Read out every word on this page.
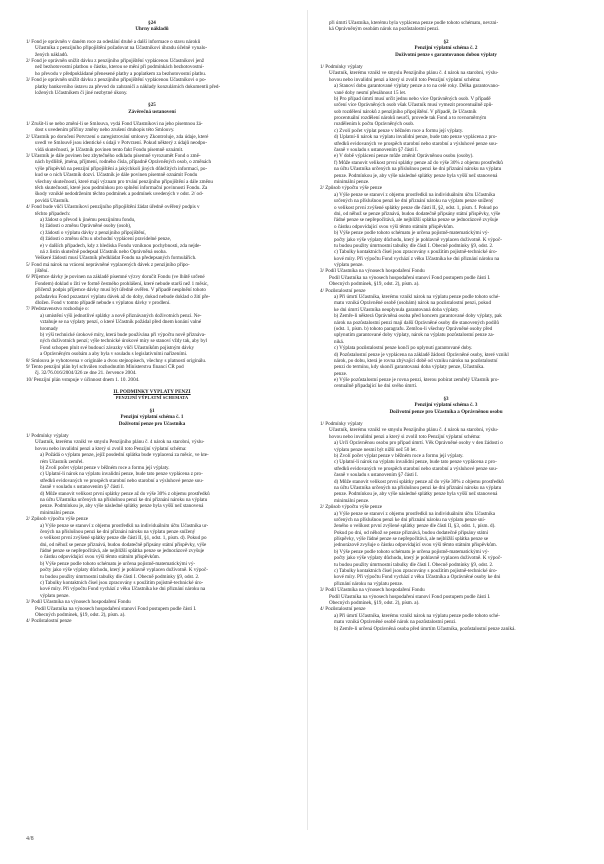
§24
Úhrny nákladů
1/ Fond je oprávněn v daném roce za odeslání druhé a další informace o stavu nároků
Účastníka z penzijního připojištění požadovat na Účastníkovi úhradu účelně vynalo-
žených nákladů.
2/ Fond je oprávněn snížit dávku z penzijního připojištění vyplácenou Účastníkovi jenž
než bezhotovostní platbou o částku, kterou se mění při podmínkách bezhotovostní-
ho převodu v předpokládané přenesené platby a poplatkem za bezhotovostní platbu.
3/ Fond je oprávněn snížit dávku z penzijního připojištění vyplácenou Účastníkovi o po-
platky bankovního ústavu za převod do zahraničí a náklady konzulárních dokumentů před-
ložených Účastníkem či jiné nezbytné úkony.
§25
Závěrečná ustanovení
1/ Zrušit-li se nebo změní-li se Smlouva, vydá Fond Účastníkovi na jeho písemnou žá-
dost s uvedením příčiny změny nebo zrušení druhopis této Smlouvy.
2/ Účastník po doručení Potvrzení o zaregistrování smlouvy Zkontroluje, zda údaje, které
uvedl ve Smlouvě jsou identické s údaji v Potvrzení. Pokud některý z údajů neodpo-
vídá skutečnosti, je Účastník povinen tento fakt Fondu písemně oznámit.
3/ Účastník je dále povinen bez zbytečného odkladu písemně vyrozumět Fond o změ-
nách bydliště, jména, příjmení, rodného čísla, případně Oprávněných osob, o změnách
výše příspěvků na penzijní připojištění a jakýchkoli jiných důležitých informací, po-
kud se o nich Účastník dozví. Účastník je dále povinen písemně oznámit Fondu
všechny skutečnosti, které mají význam pro trvání penzijního připojištění a dále změnu
těch skutečností, které jsou podmínkou pro splnění informační povinnosti Fondu. Za
škody vzniklé nedodržením těchto podmínek a podmínek uvedených v odst. 2/ od-
povídá Účastník.
4/ Fond bude vůči Účastníkovi penzijního připojištění žádat úředně ověřený podpis v
těchto případech:
a) žádost o převod k jinému penzijnímu fondu,
b) žádosti o změnu Oprávněné osoby (osob),
c) žádosti o výplatu dávky z penzijního připojištění,
d) žádosti o změnu účtu u obchodní vyplácení pravidelné penze,
e) v dalších případech, kdy z hlediska Fondu vzniknou pochybnosti, zda nejde-
ná z listin skutečně podepsal Účastník nebo Oprávněná osoba.
Veškeré žádosti musí Účastník předkládat Fondu na předepsaných formulářích.
5/ Fond má nárok na vrácení neprávněné vyplacených dávek z penzijního připo-
jištění.
6/ Příjemce dávky je povinen na základě písemné výzvy doručit Fondu (ve lhůtě určené
Fondem) doklad o žití ve formě čestného prohlášení, které nebude starší než 1 měsíc,
přičemž podpis příjemce dávky musí být úředně ověřen. V případě nesplnění tohoto
požadavku Fond pozastaví výplatu dávek až do doby, dokud nebude doklad o žití pře-
dložen. Fond v tomto případě nebude s výplatou dávky v prodlení.
7/ Představenstvo rozhoduje o:
a) umístění výši jednotlivé splátky a nově přiznávaných doživotních penzí. Ne-
vztahuje se na výplaty penzí, o které Účastník požádal před dnem konání valné
hromady
b) výši technické úrokové míry, která bude používána při výpočtu nově přiznáva-
ných doživotních penzí; výše technické úrokové míry se stanoví vždy tak, aby byl
Fond schopen plnit své budoucí závazky vůči Účastníkům pojistným dávky
a Oprávněným osobám a aby byla v souladu s legislativními nařízeními.
8/ Smlouva je vyhotovena v originále a dvou stejnopisech, všechny s platností originálu.
9/ Tento penzijní plán byl schválen rozhodnutím Ministerstva financí ČR pod
čj. 32/76.016/2004/326 ze dne 21. července 2004.
10/ Penzijní plán vstupuje v účinnost dnem 1. 10. 2004.
II. PODMÍNKY VÝPLATY PENZÍ
PENZIJNÍ VÝPLATNÍ SCHEMATA
§1
Penzijní výplatní schéma č. 1
Doživotní penze pro Účastníka
1/ Podmínky výplaty
Účastník, kterému vznikl ve smyslu Penzijního plánu č. 4 nárok na starobní, výslu-
hovou nebo invalidní penzi a který si zvolil toto Penzijní výplatní schéma:
a) Požádá o výplatu penze, jejíž posdední splátka bude vyplacená za měsíc, ve kte-
rém Účastník zemřel.
b) Zvolí počet výplat penze v běžném roce a formu její výplaty.
c) Uplatní-li nárok na výplatu invalidní penze, bude tato penze vyplácena z pro-
středků evidovaných ve prospěch starobní nebo starobní a výsluhové penze sou-
časně v souladu s ustanovením §7 části I.
d) Může stanovit velikost první splátky penze až do výše 30% z objemu prostředků
na účtu Účastníka určených na příslušnou penzi ke dni přiznání nároku na výplatu
penze. Podmínkou je, aby výše následné splátky penze byla vyšší než stanovená
minimální penze.
2/ Způsob výpočtu výše penze
a) Výše penze se stanoví z objemu prostředků na individuálním účtu Účastníka ur-
čených na příslušnou penzi ke dni přiznání nároku na výplatu penze snížený
o velikost první zvýšené splátky penze dle části II, §1, odst. 1, písm. d). Pokud po
dni, od něhož se penze přiznává, budou dodatečně připsány státní příspěvky, výše
řádné penze se nepřepočítává, ale nejbližší splátka penze se jednorázově zvyšuje
o částku odpovídající svou výší těmto státním příspěvkům.
b) Výše penze podle tohoto schématu je určena pojistně-matematickými vý-
počty jako výše výplaty důchodu, který je pohlavně vyplacen doživotně. K výpoč-
tu budou použity úmrtnostní tabulky dle části I. Obecně podmínky §9, odst. 2.
c) Tabulky kontaktních čísel jsou zpracovány s použitím pojistně-technické úro-
kové míry. Při výpočtu Fond vychází z věku Účastníka ke dni přiznání nároku na
výplatu penze.
3/ Podíl Účastníka na výnosech hospodaření Fondu
Podíl Účastníka na výnosech hospodaření stanoví Fond postupem podle části I.
Obecných podmínek, §19, odst. 2), písm. a).
4/ Pozůstalostní penze
při úmrtí Účastníka, kterému byla vyplácena penze podle tohoto schématu, nevzni-
ká Oprávněným osobám nárok na pozůstalostní penzi.
§2
Penzijní výplatní schéma č. 2
Doživotní penze s garantovanou dobou výplaty
1/ Podmínky výplaty
Účastník, kterému vznikl ve smyslu Penzijního plánu č. 4 nárok na starobní, výslu-
hovou nebo invalidní penzi a který si zvolil toto Penzijní výplatní schéma:
a) Stanoví dobu garantované výplaty penze a to na celé roky. Délka garantovano-
vané doby nesmí přesáhnout 15 let.
b) Pro případ úmrtí musí určit jednu nebo více Oprávněných osob. V případě
určení více Oprávněných osob však Účastník musí vymezit procentuálně způ-
sob rozdělení nároků z penzijního připojištění. V případě, že Účastník
procentuální rozdělení nároků neurčí, provede tak Fond a to rovnoměrným
rozdělením k počtu Oprávněných osob.
c) Zvolí počet výplat penze v běžném roce a formu její výplaty.
d) Uplatní-li nárok na výplatu invalidní penze, bude tato penze vyplácena z pro-
středků evidovaných ve prospěch starobní nebo starobní a výsluhové penze sou-
časně v souladu s ustanovením §7 části I.
e) V době výplácení penze může změnit Oprávněnou osobu (osoby).
f) Může stanovit velikost první splátky penze až do výše 30% z objemu prostředků
na účtu Účastníka určených na příslušnou penzi ke dni přiznání nároku na výplatu
penze. Podmínkou je, aby výše následné splátky penze byla vyšší než stanovená
minimální penze.
2/ Způsob výpočtu výše penze
a) Výše penze se stanoví z objemu prostředků na individuálním účtu Účastníka
určených na příslušnou penzi ke dni přiznání nároku na výplatu penze snížený
o velikost první zvýšené splátky penze dle části II, §2, odst. 1, písm. f. Pokud po
dni, od něhož se penze přiznává, budou dodatečně připsány státní příspěvky, výše
řádné penze se nepřepočítává, ale nejbližší splátka penze se jednorázově zvyšuje
o částku odpovídající svou výší těmto státním příspěvkům.
b) Výše penze podle tohoto schématu je určena pojistně-matematickými vý-
počty jako výše výplaty důchodu, který je pohlavně vyplacen doživotně. K výpoč-
tu budou použity úmrtnostní tabulky dle části I. Obecně podmínky §9, odst. 2.
c) Tabulky kontaktních čísel jsou zpracovány s použitím pojistně-technické úro-
kové míry. Při výpočtu Fond vychází z věku Účastníka ke dni přiznání nároku na
výplatu penze.
3/ Podíl Účastníka na výnosech hospodaření Fondu
Podíl Účastníka na výnosech hospodaření stanoví Fond postupem podle části I.
Obecných podmínek, §19, odst. 2), písm. a).
4/ Pozůstalostní penze
a) Při úmrtí Účastníka, kterému vznikl nárok na výplatu penze podle tohoto sché-
matu vzniká Oprávněné osobě (osobám) nárok na pozůstalostní penzi, pokud
ke dni úmrtí Účastníka neuplynula garantovaná doba výplaty.
b) Zemře-li některá Oprávněná osoba před koncem garantované doby výplaty, pak
nárok na pozůstalostní penzi mají další Oprávněné osoby dle stanovených podílů
(odst. 1, písm. b) tohoto paragrafu. Zemřou-li všechny Oprávněné osoby před
uplynutím garantované doby výplaty, nárok na výplatu pozůstalostní penze za-
niká.
c) Výplata pozůstalostní penze končí po uplynutí garantované doby.
d) Pozůstalostní penze je vyplácena na základě žádosti Oprávněné osoby, které vznikl
nárok, po dobu, která je rovna zbývající době od vzniku nároku na pozůstalostní
penzi do termínu, kdy skončí garantovaná doba výplaty penze, Účastníka.
penze.
e) Výše pozůstalostní penze je rovna penzi, kterou pobírat zemřelý Účastník pro-
centuálně připadající ke dni svého úmrtí.
§3
Penzijní výplatní schéma č. 3
Doživotní penze pro Účastníka a Oprávněnou osobu
1/ Podmínky výplaty
Účastník, kterému vznikl ve smyslu Penzijního plánu č. 4 nárok na starobní, výslu-
hovou nebo invalidní penzi a který si zvolil toto Penzijní výplatní schéma:
a) Určí Oprávněnou osobu pro případ úmrtí. Věk Oprávněné osoby v den žádosti o
výplatu penze nesmí být nižší než 50 let.
b) Zvolí počet výplat penze v běžném roce a formu její výplaty.
c) Uplatní-li nárok na výplatu invalidní penze, bude tato penze vyplácena z pro-
středků evidovaných ve prospěch starobní nebo starobní a výsluhové penze sou-
časně v souladu s ustanovením §7 části I.
d) Může stanovit velikost první splátky penze až do výše 30% z objemu prostředků
na účtu Účastníka určených na příslušnou penzi ke dni přiznání nároku na výplatu
penze. Podmínkou je, aby výše následné splátky penze byla vyšší než stanovená
minimální penze.
2/ Způsob výpočtu výše penze
a) Výše penze se stanoví z objemu prostředků na individuálním účtu Účastníka
určených na příslušnou penzi ke dni přiznání nároku na výplatu penze sní-
ženého o velikost první zvýšené splátky penze dle části II, §3, odst. 1, písm. d).
Pokud po dni, od něhož se penze přiznává, budou dodatečně připsány státní
příspěvky, výše řádné penze se nepřepočítává, ale nejbližší splátka penze se
jednorázově zvyšuje o částku odpovídající svou výší těmto státním příspěvkům.
b) Výše penze podle tohoto schématu je určena pojistně-matematickými vý-
počty jako výše výplaty důchodu, který je pohlavně vyplacen doživotně. K výpoč-
tu budou použity úmrtnostní tabulky dle části I. Obecně podmínky §9, odst. 2.
c) Tabulky kontaktních čísel jsou zpracovány s použitím pojistně-technické úro-
kové míry. Při výpočtu Fond vychází z věku Účastníka a Oprávněné osoby ke dni
přiznání nároku na výplatu penze.
3/ Podíl Účastníka na výnosech hospodaření Fondu
Podíl Účastníka na výnosech hospodaření stanoví Fond postupem podle části I.
Obecných podmínek, §19, odst. 2), písm. a).
4/ Pozůstalostní penze
a) Při úmrtí Účastníka, kterému vznikl nárok na výplatu penze podle tohoto sché-
matu vzniká Oprávněné osobě nárok na pozůstalostní penzi.
b) Zemře-li určená Oprávněná osoba před úmrtím Účastníka, pozůstalostní penze zaniká.
4/8
